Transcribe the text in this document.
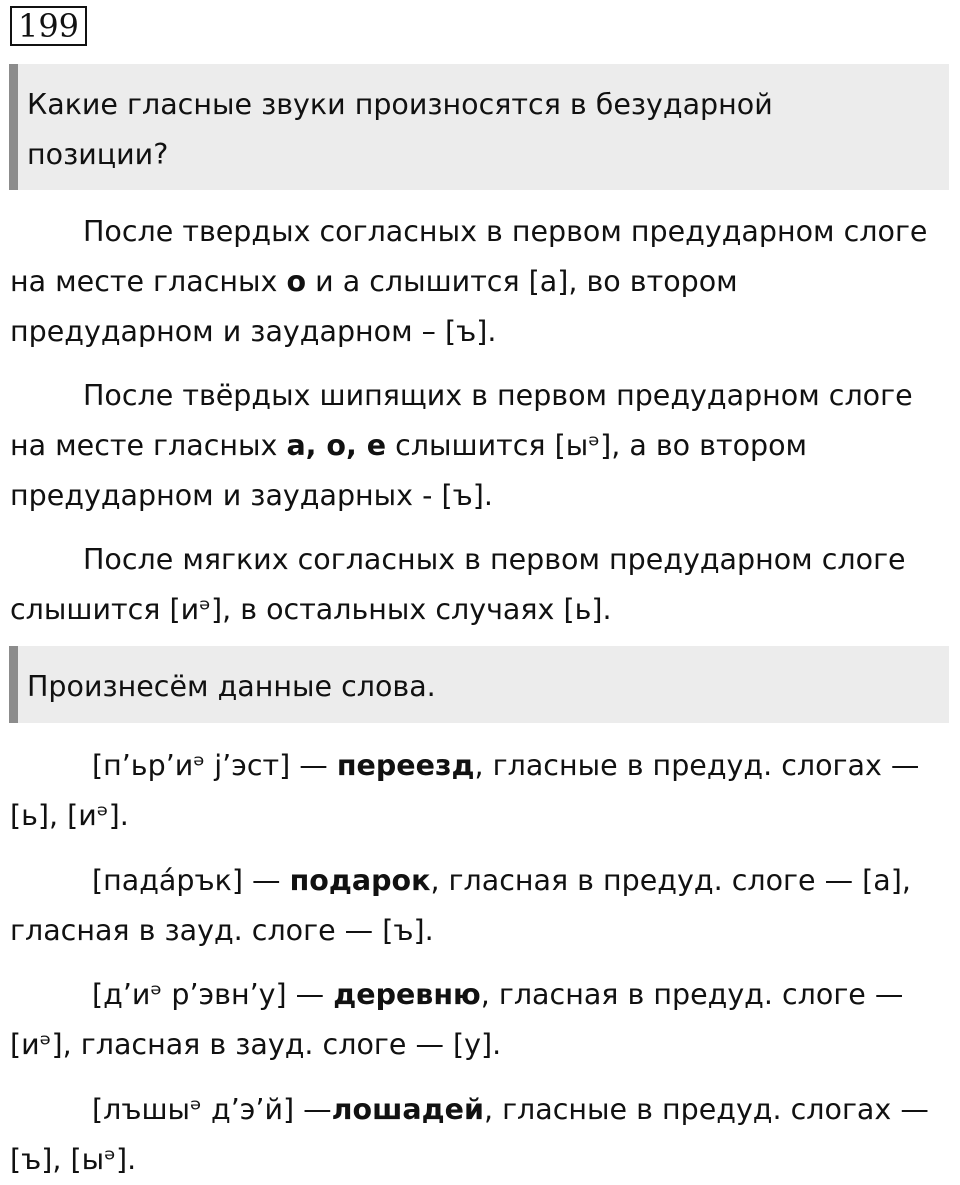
199
Какие гласные звуки произносятся в безударной
позиции?
После твердых согласных в первом предударном слоге
на месте гласных о и а слышится [а], во втором
предударном и заударном – [ъ].
После твёрдых шипящих в первом предударном слоге
на месте гласных а, о, е слышится [ыᵊ], а во втором
предударном и заударных - [ъ].
После мягких согласных в первом предударном слоге
слышится [иᵊ], в остальных случаях [ь].
Произнесём данные слова.
[п’ьр’иᵊ j’эст] — переезд, гласные в предуд. слогах —
[ь], [иᵊ].
[пада́рък] — подарок, гласная в предуд. слоге — [а],
гласная в зауд. слоге — [ъ].
[д’иᵊ р’эвн’у] — деревню, гласная в предуд. слоге —
[иᵊ], гласная в зауд. слоге — [у].
[лъшыᵊ д’э’й] —лошадей, гласные в предуд. слогах —
[ъ], [ыᵊ].
